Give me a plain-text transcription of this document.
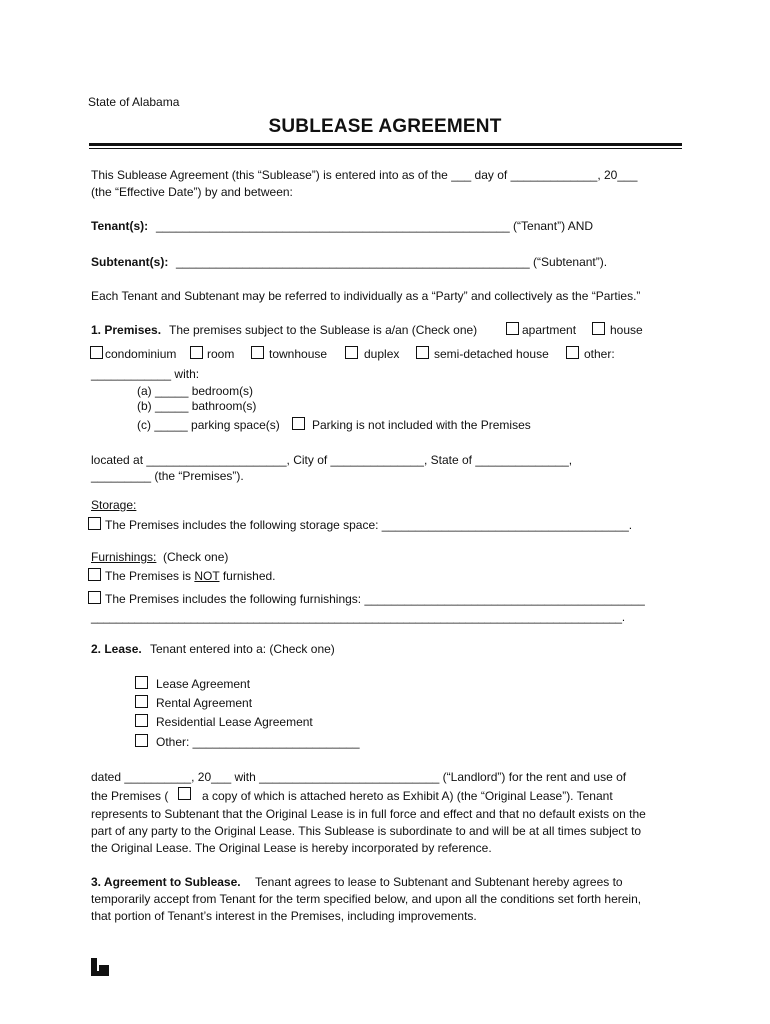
State of Alabama
SUBLEASE AGREEMENT
This Sublease Agreement (this “Sublease”) is entered into as of the ___ day of _____________, 20___
(the “Effective Date”) by and between:
Tenant(s): _____________________________________________________ (“Tenant”) AND
Subtenant(s): _____________________________________________________ (“Subtenant”).
Each Tenant and Subtenant may be referred to individually as a “Party” and collectively as the “Parties.”
1. Premises. The premises subject to the Sublease is a/an (Check one)	apartment	house
condominium	room	townhouse	duplex	semi-detached house	other:
____________ with:
(a) _____ bedroom(s)
(b) _____ bathroom(s)
(c) _____ parking space(s)	Parking is not included with the Premises
located at _____________________, City of ______________, State of ______________,
_________ (the “Premises”).
Storage:
The Premises includes the following storage space: _____________________________________.
Furnishings: (Check one)
The Premises is NOT furnished.
The Premises includes the following furnishings: __________________________________________
_____________________________________________________________________________________.
2. Lease. Tenant entered into a: (Check one)
Lease Agreement
Rental Agreement
Residential Lease Agreement
Other: _________________________
dated __________, 20___ with ___________________________ (“Landlord”) for the rent and use of
the Premises (	a copy of which is attached hereto as Exhibit A) (the “Original Lease”). Tenant
represents to Subtenant that the Original Lease is in full force and effect and that no default exists on the
part of any party to the Original Lease. This Sublease is subordinate to and will be at all times subject to
the Original Lease. The Original Lease is hereby incorporated by reference.
3. Agreement to Sublease. Tenant agrees to lease to Subtenant and Subtenant hereby agrees to
temporarily accept from Tenant for the term specified below, and upon all the conditions set forth herein,
that portion of Tenant’s interest in the Premises, including improvements.
